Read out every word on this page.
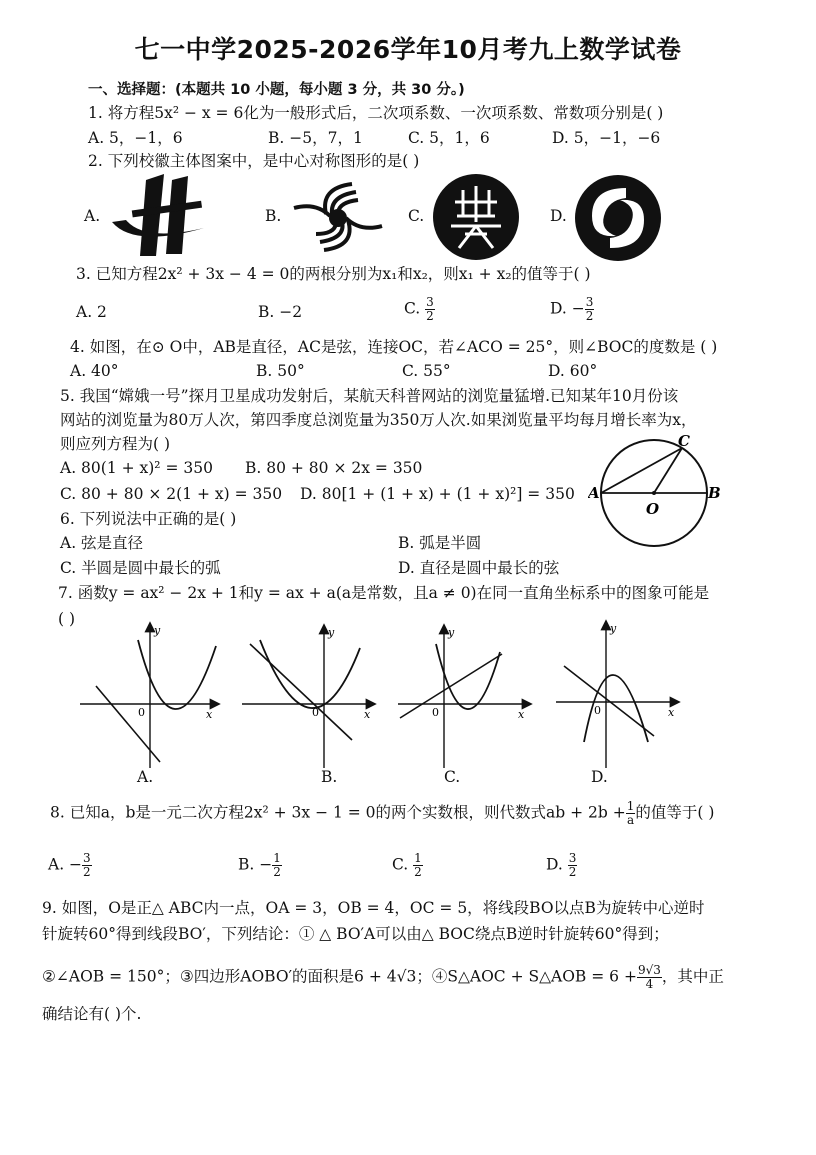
七一中学2025-2026学年10月考九上数学试卷
一、选择题：(本题共 10 小题，每小题 3 分，共 30 分。)
1. 将方程5x² − x = 6化为一般形式后，二次项系数、一次项系数、常数项分别是( )
A. 5，−1，6	B. −5，7，1	C. 5，1，6	D. 5，−1，−6
2. 下列校徽主体图案中，是中心对称图形的是( )
A.	B.	C.	D.
3. 已知方程2x² + 3x − 4 = 0的两根分别为x₁和x₂，则x₁ + x₂的值等于( )
A. 2	B. −2	C. $\frac{3}{2}$	D. − $\frac{3}{2}$
4. 如图，在⊙ O中，AB是直径，AC是弦，连接OC，若∠ACO = 25°，则∠BOC的度数是 ( )
A. 40°	B. 50°	C. 55°	D. 60°
5. 我国“嫦娥一号”探月卫星成功发射后，某航天科普网站的浏览量猛增.已知某年10月份该
网站的浏览量为80万人次，第四季度总浏览量为350万人次.如果浏览量平均每月增长率为x，
则应列方程为( )
A. 80(1 + x)² = 350 B. 80 + 80 × 2x = 350
C. 80 + 80 × 2(1 + x) = 350 D. 80[1 + (1 + x) + (1 + x)²] = 350 A	B
C
O
6. 下列说法中正确的是( )
A. 弦是直径	B. 弧是半圆
C. 半圆是圆中最长的弧	D. 直径是圆中最长的弦
7. 函数y = ax² − 2x + 1和y = ax + a(a是常数，且a ≠ 0)在同一直角坐标系中的图象可能是
( )
y
x
0
y
x
0
y
x
0
y
x
0
A.	B.	C.	D.
8. 已知a，b是一元二次方程2x² + 3x − 1 = 0的两个实数根，则代数式ab + $2b + \frac{1}{a}$ 的值等于( )
A. − $\frac{3}{2}$	B. − $\frac{1}{2}$	C. $\frac{1}{2}$	D. $\frac{3}{2}$
9. 如图，O是正△ ABC内一点，OA = 3，OB = 4，OC = 5，将线段BO以点B为旋转中心逆时
针旋转60°得到线段BO′，下列结论：① △ BO′A可以由△ BOC绕点B逆时针旋转60°得到；
②∠AOB = 150°；③四边形AOBO′的面积是6 + 4√3；④S△AOC + S△AOB = $6 + \frac{9√3}{4}$ ，其中正
确结论有( )个.
